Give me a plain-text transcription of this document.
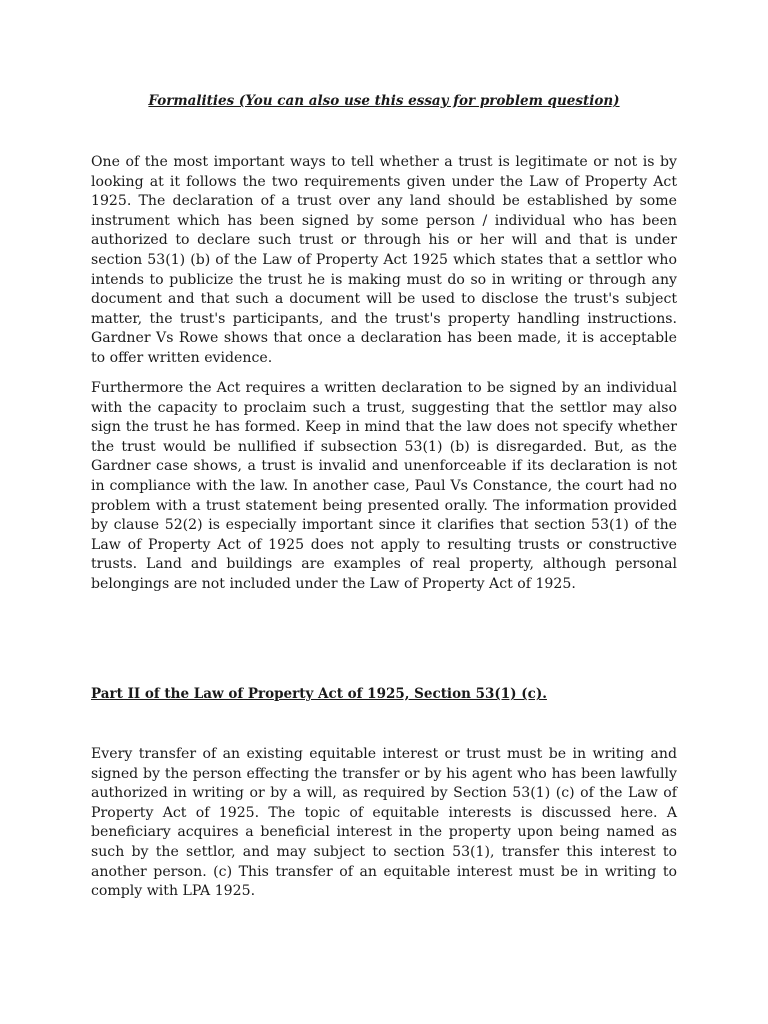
Formalities (You can also use this essay for problem question)

One of the most important ways to tell whether a trust is legitimate or not is by looking at it follows the two requirements given under the Law of Property Act 1925. The declaration of a trust over any land should be established by some instrument which has been signed by some person / individual who has been authorized to declare such trust or through his or her will and that is under section 53(1) (b) of the Law of Property Act 1925 which states that a settlor who intends to publicize the trust he is making must do so in writing or through any document and that such a document will be used to disclose the trust's subject matter, the trust's participants, and the trust's property handling instructions. Gardner Vs Rowe shows that once a declaration has been made, it is acceptable to offer written evidence.

Furthermore the Act requires a written declaration to be signed by an individual with the capacity to proclaim such a trust, suggesting that the settlor may also sign the trust he has formed. Keep in mind that the law does not specify whether the trust would be nullified if subsection 53(1) (b) is disregarded. But, as the Gardner case shows, a trust is invalid and unenforceable if its declaration is not in compliance with the law. In another case, Paul Vs Constance, the court had no problem with a trust statement being presented orally. The information provided by clause 52(2) is especially important since it clarifies that section 53(1) of the Law of Property Act of 1925 does not apply to resulting trusts or constructive trusts. Land and buildings are examples of real property, although personal belongings are not included under the Law of Property Act of 1925.

Part II of the Law of Property Act of 1925, Section 53(1) (c).

Every transfer of an existing equitable interest or trust must be in writing and signed by the person effecting the transfer or by his agent who has been lawfully authorized in writing or by a will, as required by Section 53(1) (c) of the Law of Property Act of 1925. The topic of equitable interests is discussed here. A beneficiary acquires a beneficial interest in the property upon being named as such by the settlor, and may subject to section 53(1), transfer this interest to another person. (c) This transfer of an equitable interest must be in writing to comply with LPA 1925.
